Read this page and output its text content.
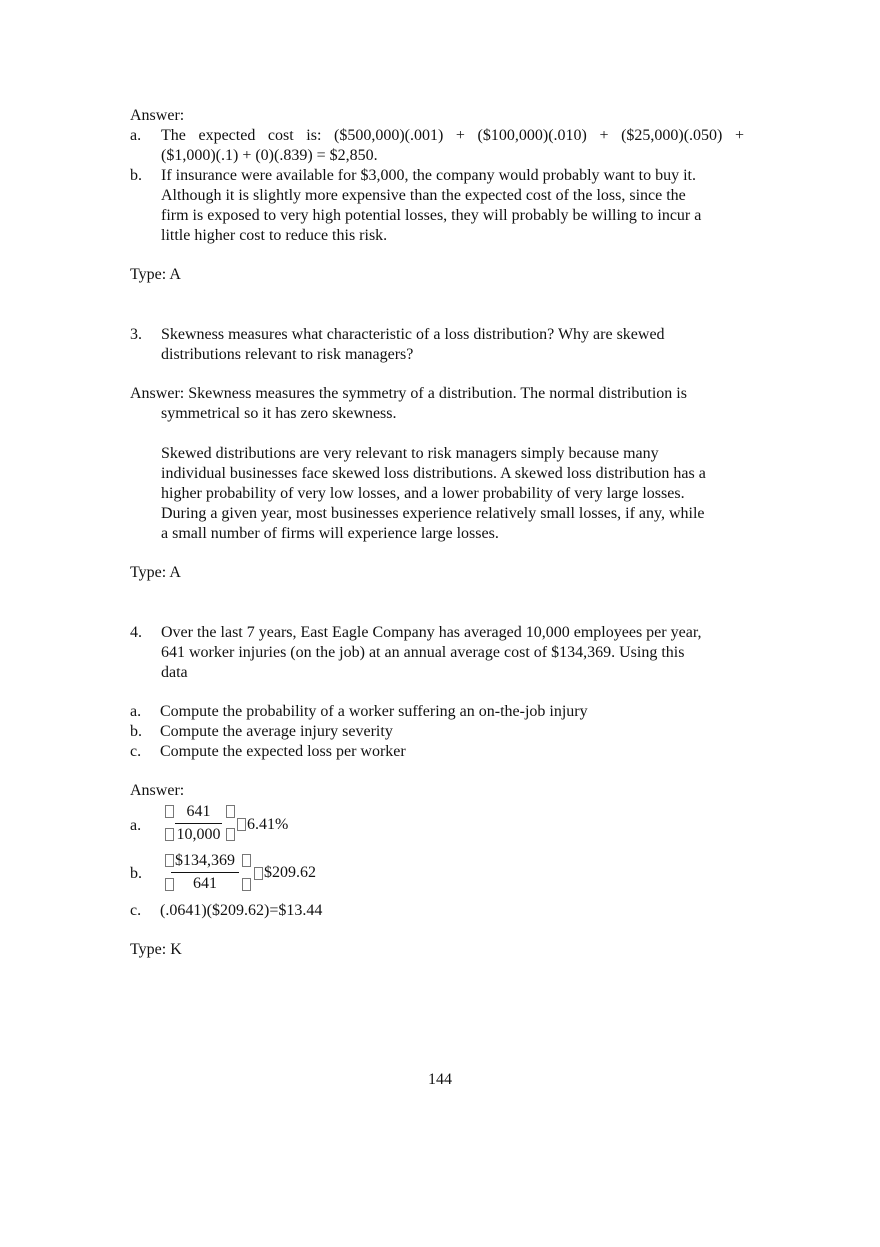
Answer:
a. The expected cost is: ($500,000)(.001) + ($100,000)(.010) + ($25,000)(.050) +
($1,000)(.1) + (0)(.839) = $2,850.
b. If insurance were available for $3,000, the company would probably want to buy it.
Although it is slightly more expensive than the expected cost of the loss, since the
firm is exposed to very high potential losses, they will probably be willing to incur a
little higher cost to reduce this risk.
Type: A
3. Skewness measures what characteristic of a loss distribution? Why are skewed
distributions relevant to risk managers?
Answer: Skewness measures the symmetry of a distribution. The normal distribution is
symmetrical so it has zero skewness.
Skewed distributions are very relevant to risk managers simply because many
individual businesses face skewed loss distributions. A skewed loss distribution has a
higher probability of very low losses, and a lower probability of very large losses.
During a given year, most businesses experience relatively small losses, if any, while
a small number of firms will experience large losses.
Type: A
4. Over the last 7 years, East Eagle Company has averaged 10,000 employees per year,
641 worker injuries (on the job) at an annual average cost of $134,369. Using this
data
a. Compute the probability of a worker suffering an on-the-job injury
b. Compute the average injury severity
c. Compute the expected loss per worker
Answer:
a.
641
10,000
6.41%
b.
$134,369
641
$209.62
c. (.0641)($209.62)=$13.44
Type: K
144
